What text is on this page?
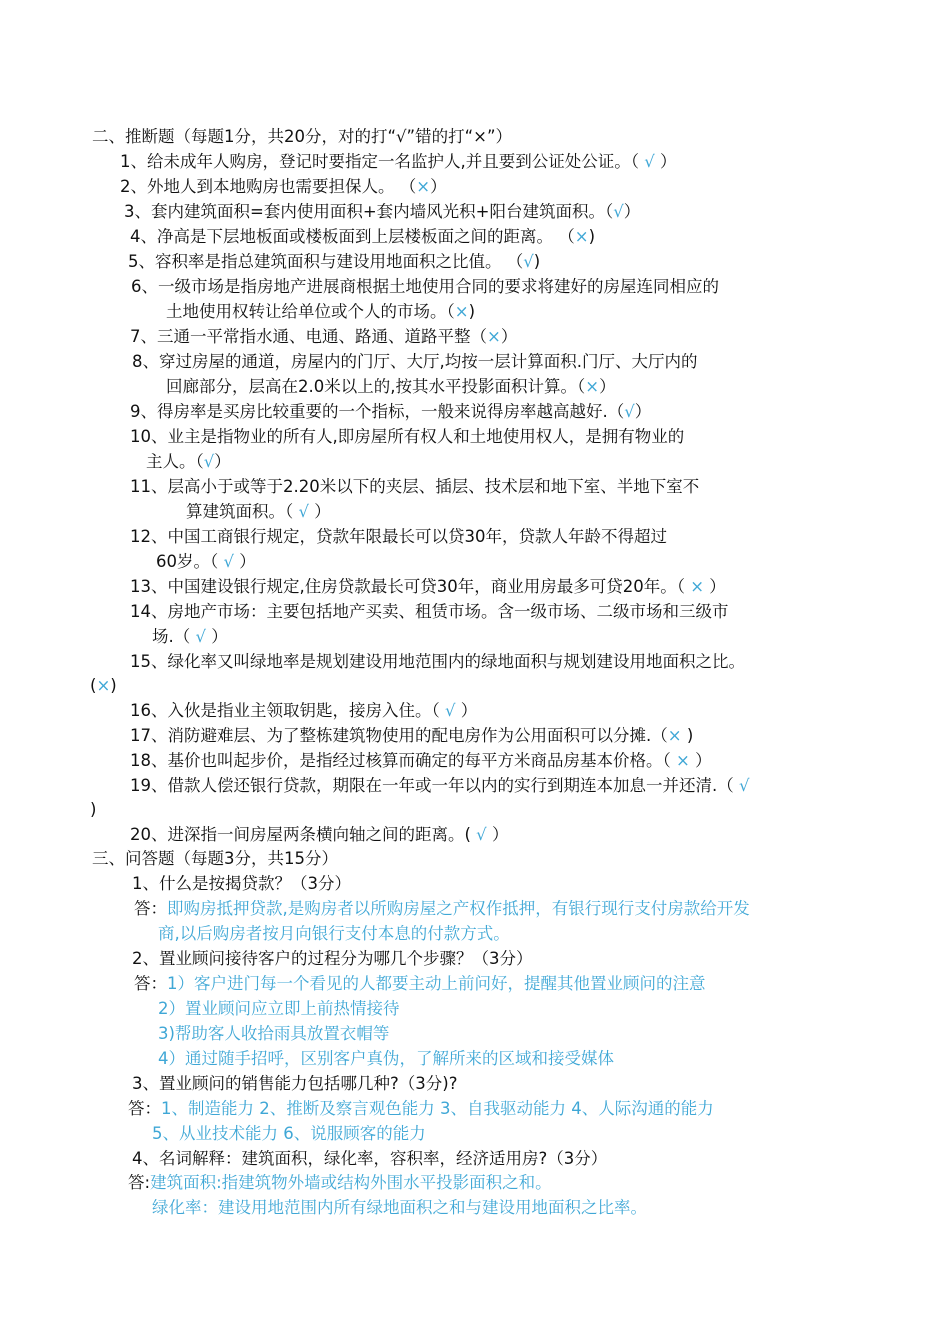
二、推断题（每题1分，共20分，对的打“√”错的打“×”）
1、给未成年人购房，登记时要指定一名监护人,并且要到公证处公证。（ √ ）
2、外地人到本地购房也需要担保人。 （×）
3、套内建筑面积=套内使用面积+套内墙风光积+阳台建筑面积。（√）
4、净高是下层地板面或楼板面到上层楼板面之间的距离。 （×)
5、容积率是指总建筑面积与建设用地面积之比值。 （√)
6、一级市场是指房地产进展商根据土地使用合同的要求将建好的房屋连同相应的
土地使用权转让给单位或个人的市场。（×)
7、三通一平常指水通、电通、路通、道路平整（×）
8、穿过房屋的通道，房屋内的门厅、大厅,均按一层计算面积.门厅、大厅内的
回廊部分，层高在2.0米以上的,按其水平投影面积计算。（×）
9、得房率是买房比较重要的一个指标，一般来说得房率越高越好.（√）
10、业主是指物业的所有人,即房屋所有权人和土地使用权人，是拥有物业的
主人。（√）
11、层高小于或等于2.20米以下的夹层、插层、技术层和地下室、半地下室不
算建筑面积。（ √ ）
12、中国工商银行规定，贷款年限最长可以贷30年，贷款人年龄不得超过
60岁。（ √ ）
13、中国建设银行规定,住房贷款最长可贷30年，商业用房最多可贷20年。（ × ）
14、房地产市场：主要包括地产买卖、租赁市场。含一级市场、二级市场和三级市
场.（ √ ）
15、绿化率又叫绿地率是规划建设用地范围内的绿地面积与规划建设用地面积之比。
(×)
16、入伙是指业主领取钥匙，接房入住。（ √ ）
17、消防避难层、为了整栋建筑物使用的配电房作为公用面积可以分摊.（× )
18、基价也叫起步价，是指经过核算而确定的每平方米商品房基本价格。（ × ）
19、借款人偿还银行贷款，期限在一年或一年以内的实行到期连本加息一并还清.（ √
)
20、进深指一间房屋两条横向轴之间的距离。( √ ）
三、问答题（每题3分，共15分）
1、什么是按揭贷款？（3分）
答：即购房抵押贷款,是购房者以所购房屋之产权作抵押，有银行现行支付房款给开发
商,以后购房者按月向银行支付本息的付款方式。
2、置业顾问接待客户的过程分为哪几个步骤？（3分）
答：1）客户进门每一个看见的人都要主动上前问好，提醒其他置业顾问的注意
2）置业顾问应立即上前热情接待
3)帮助客人收拾雨具放置衣帽等
4）通过随手招呼，区别客户真伪，了解所来的区域和接受媒体
3、置业顾问的销售能力包括哪几种?（3分)?
答：1、制造能力 2、推断及察言观色能力 3、自我驱动能力 4、人际沟通的能力
5、从业技术能力 6、说服顾客的能力
4、名词解释：建筑面积，绿化率，容积率，经济适用房?（3分）
答:建筑面积:指建筑物外墙或结构外围水平投影面积之和。
绿化率：建设用地范围内所有绿地面积之和与建设用地面积之比率。
